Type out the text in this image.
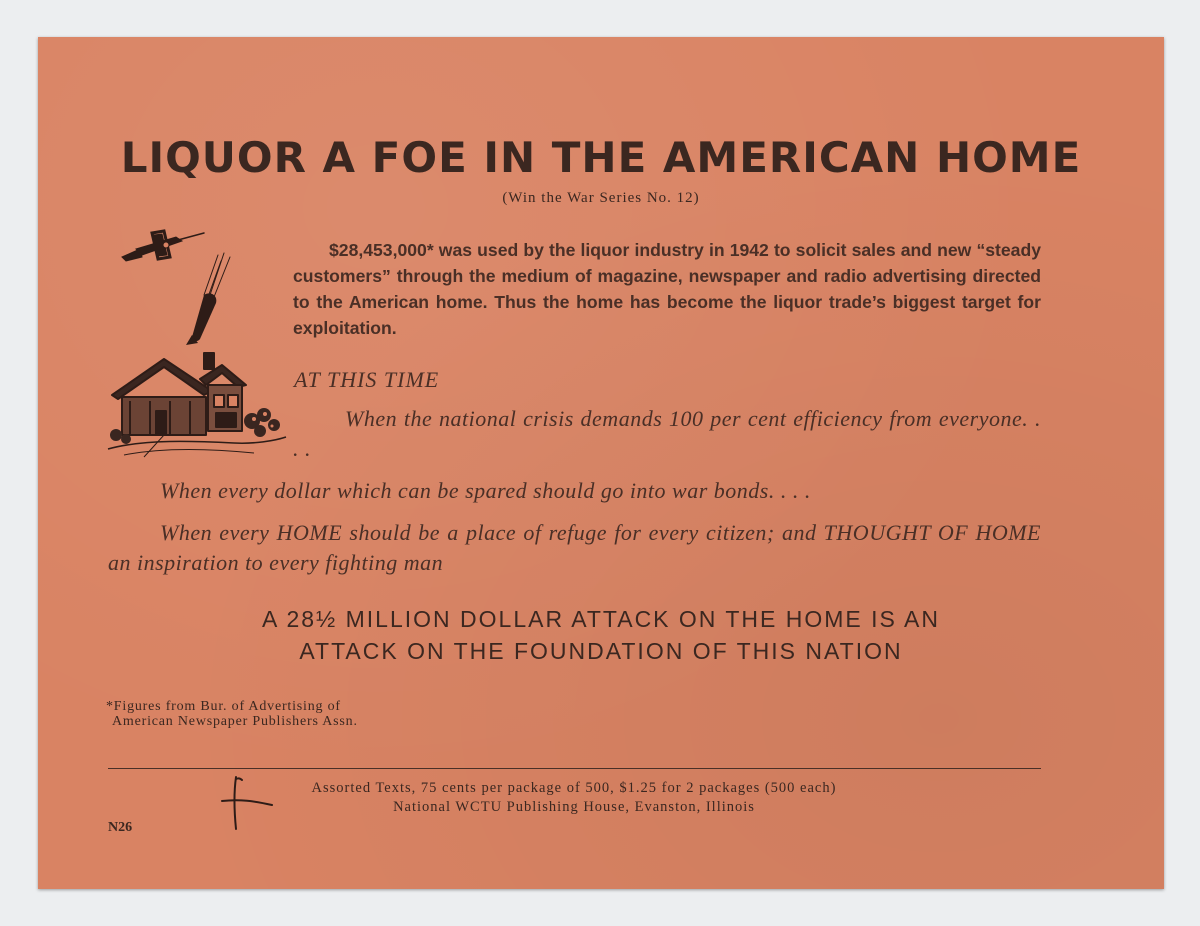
LIQUOR A FOE IN THE AMERICAN HOME
(Win the War Series No. 12)

$28,453,000* was used by the liquor industry in 1942 to solicit sales and new “steady customers” through the medium of magazine, newspaper and radio advertising directed to the American home. Thus the home has become the liquor trade’s biggest target for exploitation.

AT THIS TIME

When the national crisis demands 100 per cent efficiency from everyone. . . .

When every dollar which can be spared should go into war bonds. . . .

When every HOME should be a place of refuge for every citizen; and THOUGHT OF HOME an inspiration to every fighting man

A 28½ MILLION DOLLAR ATTACK ON THE HOME IS AN
ATTACK ON THE FOUNDATION OF THIS NATION
*Figures from Bur. of Advertising of
American Newspaper Publishers Assn.
Assorted Texts, 75 cents per package of 500, $1.25 for 2 packages (500 each)
National WCTU Publishing House, Evanston, Illinois
N26
